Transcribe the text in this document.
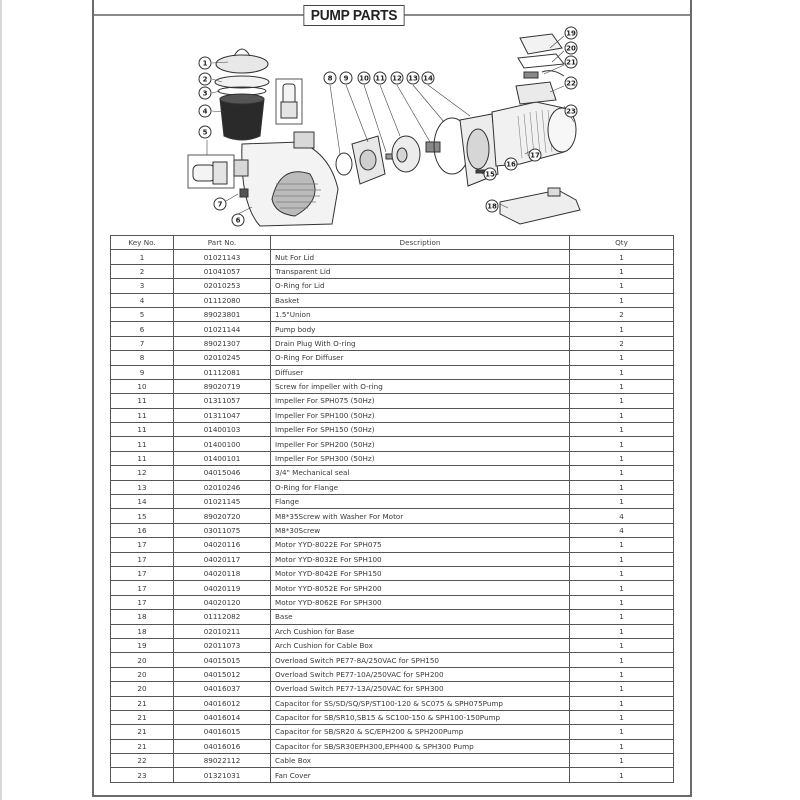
PUMP PARTS
1
2
3
4
5
6
7
8 9 10 11 12 13 14
15
16
17
18
19
20
21
22
23
Key No.	Part No.	Description	Qty
1	01021143	Nut For Lid	1
2	01041057	Transparent Lid	1
3	02010253	O-Ring for Lid	1
4	01112080	Basket	1
5	89023801	1.5"Union	2
6	01021144	Pump body	1
7	89021307	Drain Plug With O-ring	2
8	02010245	O-Ring For Diffuser	1
9	01112081	Diffuser	1
10	89020719	Screw for impeller with O-ring	1
11	01311057	Impeller For SPH075 (50Hz)	1
11	01311047	Impeller For SPH100 (50Hz)	1
11	01400103	Impeller For SPH150 (50Hz)	1
11	01400100	Impeller For SPH200 (50Hz)	1
11	01400101	Impeller For SPH300 (50Hz)	1
12	04015046	3/4" Mechanical seal	1
13	02010246	O-Ring for Flange	1
14	01021145	Flange	1
15	89020720	M8*35Screw with Washer For Motor	4
16	03011075	M8*30Screw	4
17	04020116	Motor YYD-8022E For SPH075	1
17	04020117	Motor YYD-8032E For SPH100	1
17	04020118	Motor YYD-8042E For SPH150	1
17	04020119	Motor YYD-8052E For SPH200	1
17	04020120	Motor YYD-8062E For SPH300	1
18	01112082	Base	1
18	02010211	Arch Cushion for Base	1
19	02011073	Arch Cushion for Cable Box	1
20	04015015	Overload Switch PE77-8A/250VAC for SPH150	1
20	04015012	Overload Switch PE77-10A/250VAC for SPH200	1
20	04016037	Overload Switch PE77-13A/250VAC for SPH300	1
21	04016012	Capacitor for SS/SD/SQ/SP/ST100-120 & SC075 & SPH075Pump	1
21	04016014	Capacitor for SB/SR10,SB15 & SC100-150 & SPH100-150Pump	1
21	04016015	Capacitor for SB/SR20 & SC/EPH200 & SPH200Pump	1
21	04016016	Capacitor for SB/SR30EPH300,EPH400 & SPH300 Pump	1
22	89022112	Cable Box	1
23	01321031	Fan Cover	1
